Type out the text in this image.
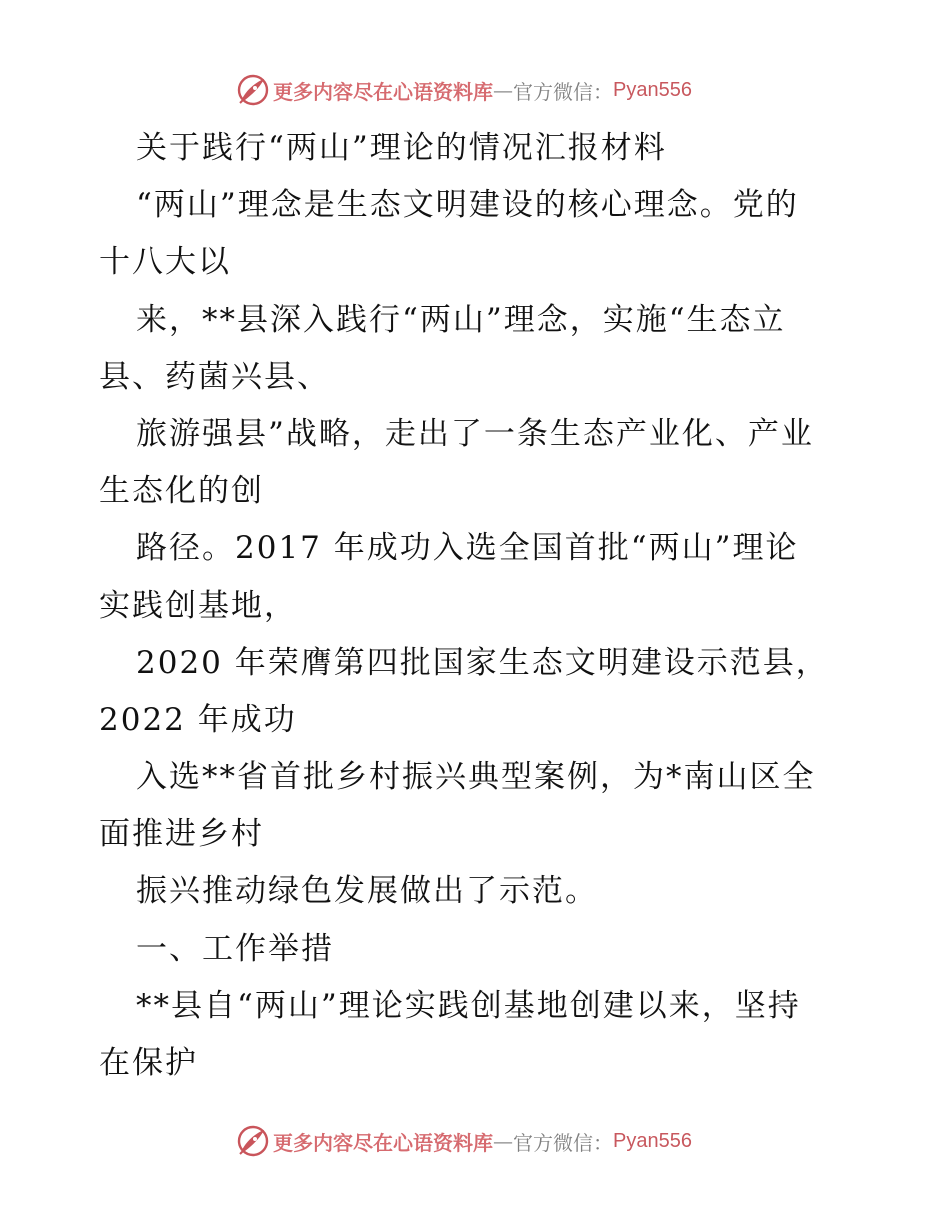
更多内容尽在心语资料库 — 官方微信： Pyan556
关于践行“两山”理论的情况汇报材料
“两山”理念是生态文明建设的核心理念。党的
十八大以
来，**县深入践行“两山”理念，实施“生态立
县、药菌兴县、
旅游强县”战略，走出了一条生态产业化、产业
生态化的创
路径。2017 年成功入选全国首批“两山”理论
实践创基地，
2020 年荣膺第四批国家生态文明建设示范县，
2022 年成功
入选**省首批乡村振兴典型案例，为*南山区全
面推进乡村
振兴推动绿色发展做出了示范。
一、工作举措
**县自“两山”理论实践创基地创建以来，坚持
在保护
更多内容尽在心语资料库 — 官方微信： Pyan556
